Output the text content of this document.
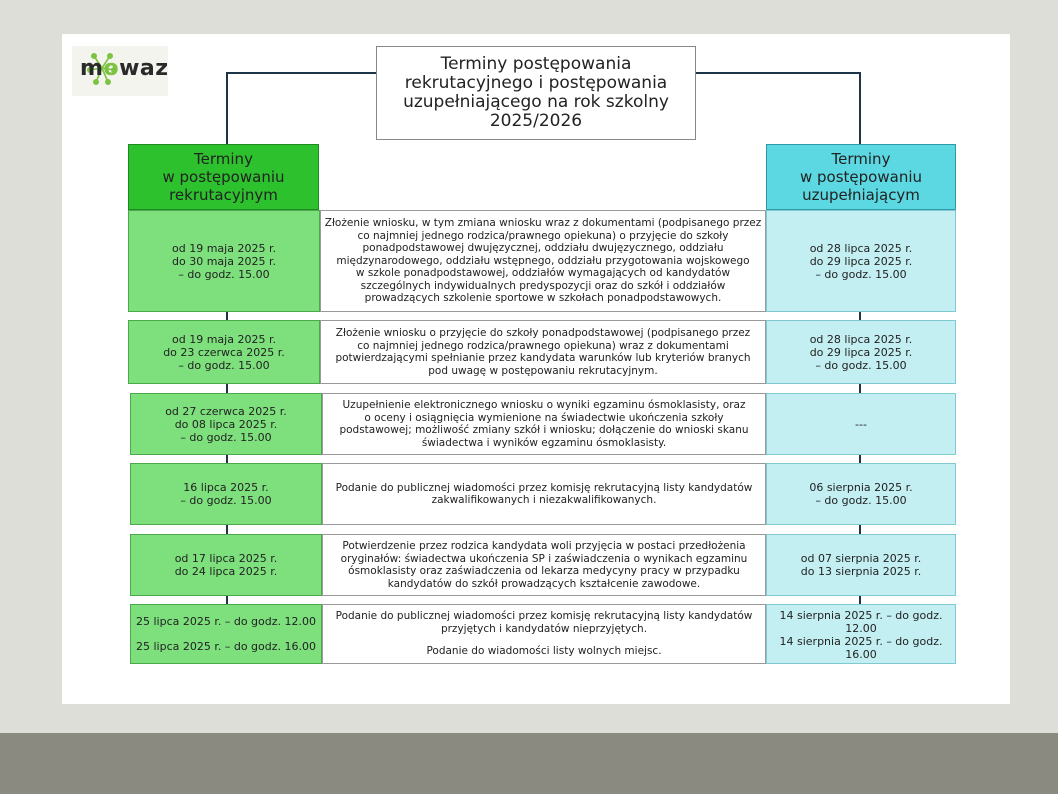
mowaz	Terminy postępowania
rekrutacyjnego i postępowania
uzupełniającego na rok szkolny
2025/2026
Terminy
w postępowaniu
rekrutacyjnym
Terminy
w postępowaniu
uzupełniającym
od 19 maja 2025 r.
do 30 maja 2025 r.
– do godz. 15.00
Złożenie wniosku, w tym zmiana wniosku wraz z dokumentami (podpisanego przez
co najmniej jednego rodzica/prawnego opiekuna) o przyjęcie do szkoły
ponadpodstawowej dwujęzycznej, oddziału dwujęzycznego, oddziału
międzynarodowego, oddziału wstępnego, oddziału przygotowania wojskowego
w szkole ponadpodstawowej, oddziałów wymagających od kandydatów
szczególnych indywidualnych predyspozycji oraz do szkół i oddziałów
prowadzących szkolenie sportowe w szkołach ponadpodstawowych.
od 28 lipca 2025 r.
do 29 lipca 2025 r.
– do godz. 15.00
od 19 maja 2025 r.
do 23 czerwca 2025 r.
– do godz. 15.00
Złożenie wniosku o przyjęcie do szkoły ponadpodstawowej (podpisanego przez
co najmniej jednego rodzica/prawnego opiekuna) wraz z dokumentami
potwierdzającymi spełnianie przez kandydata warunków lub kryteriów branych
pod uwagę w postępowaniu rekrutacyjnym.
od 28 lipca 2025 r.
do 29 lipca 2025 r.
– do godz. 15.00
od 27 czerwca 2025 r.
do 08 lipca 2025 r.
– do godz. 15.00
Uzupełnienie elektronicznego wniosku o wyniki egzaminu ósmoklasisty, oraz
o oceny i osiągnięcia wymienione na świadectwie ukończenia szkoły
podstawowej; możliwość zmiany szkół i wniosku; dołączenie do wnioski skanu
świadectwa i wyników egzaminu ósmoklasisty.
---
16 lipca 2025 r.
– do godz. 15.00
Podanie do publicznej wiadomości przez komisję rekrutacyjną listy kandydatów
zakwalifikowanych i niezakwalifikowanych.
06 sierpnia 2025 r.
– do godz. 15.00
od 17 lipca 2025 r.
do 24 lipca 2025 r.
Potwierdzenie przez rodzica kandydata woli przyjęcia w postaci przedłożenia
oryginałów: świadectwa ukończenia SP i zaświadczenia o wynikach egzaminu
ósmoklasisty oraz zaświadczenia od lekarza medycyny pracy w przypadku
kandydatów do szkół prowadzących kształcenie zawodowe.
od 07 sierpnia 2025 r.
do 13 sierpnia 2025 r.
25 lipca 2025 r. – do godz. 12.00
25 lipca 2025 r. – do godz. 16.00
Podanie do publicznej wiadomości przez komisję rekrutacyjną listy kandydatów
przyjętych i kandydatów nieprzyjętych.
Podanie do wiadomości listy wolnych miejsc.
14 sierpnia 2025 r. – do godz. 12.00
14 sierpnia 2025 r. – do godz. 16.00
